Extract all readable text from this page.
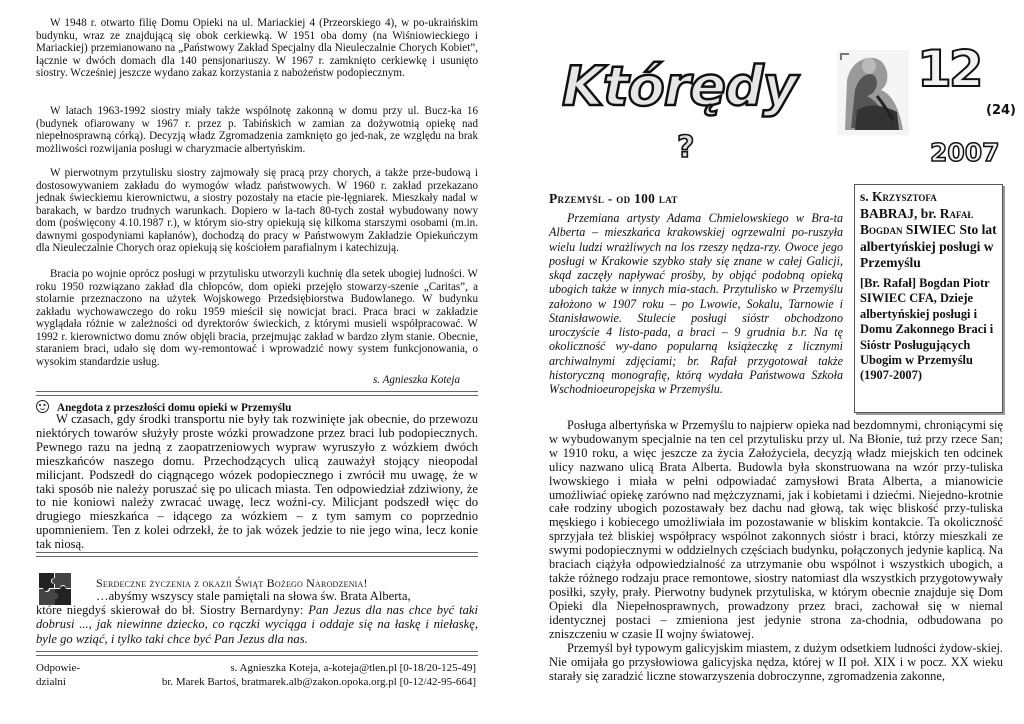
W 1948 r. otwarto filię Domu Opieki na ul. Mariackiej 4 (Przeorskiego 4), w po-ukraińskim budynku, wraz ze znajdującą się obok cerkiewką. W 1951 oba domy (na Wiśniowieckiego i Mariackiej) przemianowano na „Państwowy Zakład Specjalny dla Nieuleczalnie Chorych Kobiet”, łącznie w dwóch domach dla 140 pensjonariuszy. W 1967 r. zamknięto cerkiewkę i usunięto siostry. Wcześniej jeszcze wydano zakaz korzystania z nabożeństw podopiecznym.

W latach 1963-1992 siostry miały także wspólnotę zakonną w domu przy ul. Bucz-ka 16 (budynek ofiarowany w 1967 r. przez p. Tabińskich w zamian za dożywotnią opiekę nad niepełnosprawną córką). Decyzją władz Zgromadzenia zamknięto go jed-nak, ze względu na brak możliwości rozwijania posługi w charyzmacie albertyńskim.

W pierwotnym przytulisku siostry zajmowały się pracą przy chorych, a także prze-budową i dostosowywaniem zakładu do wymogów władz państwowych. W 1960 r. zakład przekazano jednak świeckiemu kierownictwu, a siostry pozostały na etacie pie-lęgniarek. Mieszkały nadal w barakach, w bardzo trudnych warunkach. Dopiero w la-tach 80-tych został wybudowany nowy dom (poświęcony 4.10.1987 r.), w którym sio-stry opiekują się kilkoma starszymi osobami (m.in. dawnymi gospodyniami kapłanów), dochodzą do pracy w Państwowym Zakładzie Opiekuńczym dla Nieuleczalnie Chorych oraz opiekują się kościołem parafialnym i katechizują.

Bracia po wojnie oprócz posługi w przytulisku utworzyli kuchnię dla setek ubogiej ludności. W roku 1950 rozwiązano zakład dla chłopców, dom opieki przejęło stowarzy-szenie „Caritas”, a stolarnie przeznaczono na użytek Wojskowego Przedsiębiorstwa Budowlanego. W budynku zakładu wychowawczego do roku 1959 mieścił się nowicjat braci. Praca braci w zakładzie wyglądała różnie w zależności od dyrektorów świeckich, z którymi musieli współpracować. W 1992 r. kierownictwo domu znów objęli bracia, przejmując zakład w bardzo złym stanie. Obecnie, staraniem braci, udało się dom wy-remontować i wprowadzić nowy system funkcjonowania, o wysokim standardzie usług.

s. Agnieszka Koteja
Anegdota z przeszłości domu opieki w Przemyślu

W czasach, gdy środki transportu nie były tak rozwinięte jak obecnie, do przewozu niektórych towarów służyły proste wózki prowadzone przez braci lub podopiecznych. Pewnego razu na jedną z zaopatrzeniowych wypraw wyruszyło z wózkiem dwóch mieszkańców naszego domu. Przechodzących ulicą zauważył stojący nieopodal milicjant. Podszedł do ciągnącego wózek podopiecznego i zwrócił mu uwagę, że w taki sposób nie należy poruszać się po ulicach miasta. Ten odpowiedział zdziwiony, że to nie koniowi należy zwracać uwagę, lecz woźni-cy. Milicjant podszedł więc do drugiego mieszkańca – idącego za wózkiem – z tym samym co poprzednio upomnieniem. Ten z kolei odrzekł, że to jak wózek jedzie to nie jego wina, lecz konie tak niosą.

Serdeczne życzenia z okazji Świąt Bożego Narodzenia!
…abyśmy wszyscy stale pamiętali na słowa św. Brata Alberta,
które niegdyś skierował do bł. Siostry Bernardyny: Pan Jezus dla nas chce być taki dobrusi ..., jak niewinne dziecko, co rączki wyciąga i oddaje się na łaskę i niełaskę, byle go wziąć, i tylko taki chce być Pan Jezus dla nas.
Odpowie-
dzialni
s. Agnieszka Koteja, a-koteja@tlen.pl [0-18/20-125-49]
br. Marek Bartoś, bratmarek.alb@zakon.opoka.org.pl [0-12/42-95-664]
Którędy
?
12
(24)
2007
Przemyśl - od 100 lat

Przemiana artysty Adama Chmielowskiego w Bra-ta Alberta – mieszkańca krakowskiej ogrzewalni po-ruszyła wielu ludzi wrażliwych na los rzeszy nędza-rzy. Owoce jego posługi w Krakowie szybko stały się znane w całej Galicji, skąd zaczęły napływać prośby, by objąć podobną opieką ubogich także w innych mia-stach. Przytulisko w Przemyślu założono w 1907 roku – po Lwowie, Sokalu, Tarnowie i Stanisławowie. Stulecie posługi sióstr obchodzono uroczyście 4 listo-pada, a braci – 9 grudnia b.r. Na tę okoliczność wy-dano popularną książeczkę z licznymi archiwalnymi zdjęciami; br. Rafał przygotował także historyczną monografię, którą wydała Państwowa Szkoła Wschodnioeuropejska w Przemyślu.

s. Krzysztofa BABRAJ, br. Rafał Bogdan SIWIEC Sto lat albertyńskiej posługi w Przemyślu
[Br. Rafał] Bogdan Piotr SIWIEC CFA, Dzieje albertyńskiej posługi i Domu Zakonnego Braci i Sióstr Posługujących Ubogim w Przemyślu (1907-2007)

Posługa albertyńska w Przemyślu to najpierw opieka nad bezdomnymi, chroniącymi się w wybudowanym specjalnie na ten cel przytulisku przy ul. Na Błonie, tuż przy rzece San; w 1910 roku, a więc jeszcze za życia Założyciela, decyzją władz miejskich ten odcinek ulicy nazwano ulicą Brata Alberta. Budowla była skonstruowana na wzór przy-tuliska lwowskiego i miała w pełni odpowiadać zamysłowi Brata Alberta, a mianowicie umożliwiać opiekę zarówno nad mężczyznami, jak i kobietami i dziećmi. Niejedno-krotnie całe rodziny ubogich pozostawały bez dachu nad głową, tak więc bliskość przy-tuliska męskiego i kobiecego umożliwiała im pozostawanie w bliskim kontakcie. Ta okoliczność sprzyjała też bliskiej współpracy wspólnot zakonnych sióstr i braci, którzy mieszkali ze swymi podopiecznymi w oddzielnych częściach budynku, połączonych jedynie kaplicą. Na braciach ciążyła odpowiedzialność za utrzymanie obu wspólnot i wszystkich ubogich, a także różnego rodzaju prace remontowe, siostry natomiast dla wszystkich przygotowywały posiłki, szyły, prały. Pierwotny budynek przytuliska, w którym obecnie znajduje się Dom Opieki dla Niepełnosprawnych, prowadzony przez braci, zachował się w niemal identycznej postaci – zmieniona jest jedynie strona za-chodnia, odbudowana po zniszczeniu w czasie II wojny światowej.

Przemyśl był typowym galicyjskim miastem, z dużym odsetkiem ludności żydow-skiej. Nie omijała go przysłowiowa galicyjska nędza, której w II poł. XIX i w pocz. XX wieku starały się zaradzić liczne stowarzyszenia dobroczynne, zgromadzenia zakonne,
